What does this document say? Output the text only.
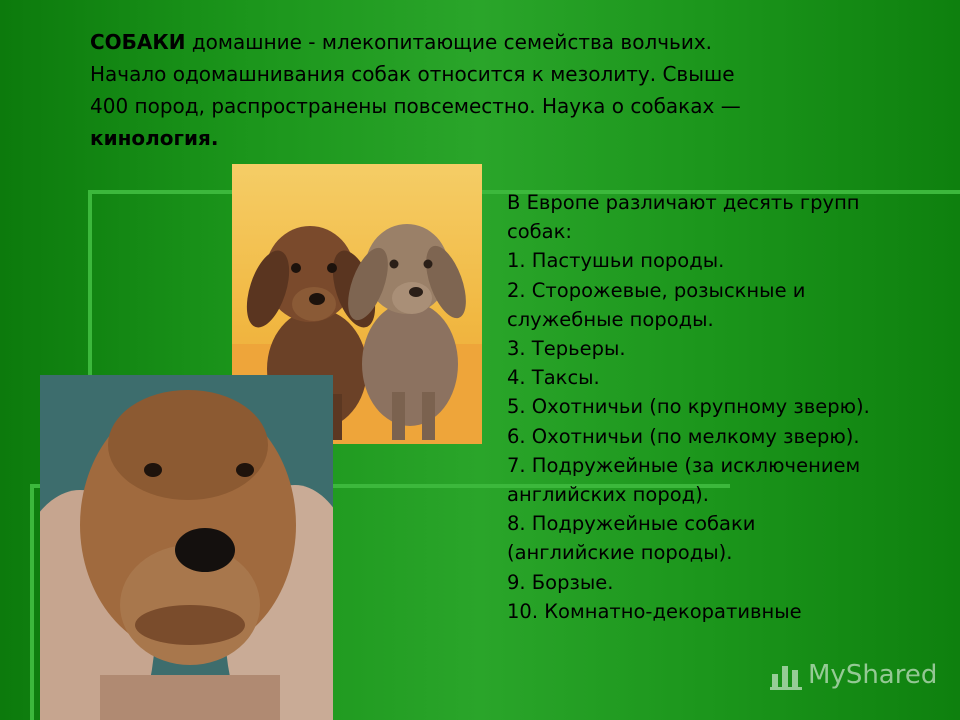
СОБАКИ домашние - млекопитающие семейства волчьих.
Начало одомашнивания собак относится к мезолиту. Свыше
400 пород, распространены повсеместно. Наука о собаках —
кинология.
В Европе различают десять групп
собак:
1. Пастушьи породы.
2. Сторожевые, розыскные и
служебные породы.
3. Терьеры.
4. Таксы.
5. Охотничьи (по крупному зверю).
6. Охотничьи (по мелкому зверю).
7. Подружейные (за исключением
английских пород).
8. Подружейные собаки
(английские породы).
9. Борзые.
10. Комнатно-декоративные
MyShared
